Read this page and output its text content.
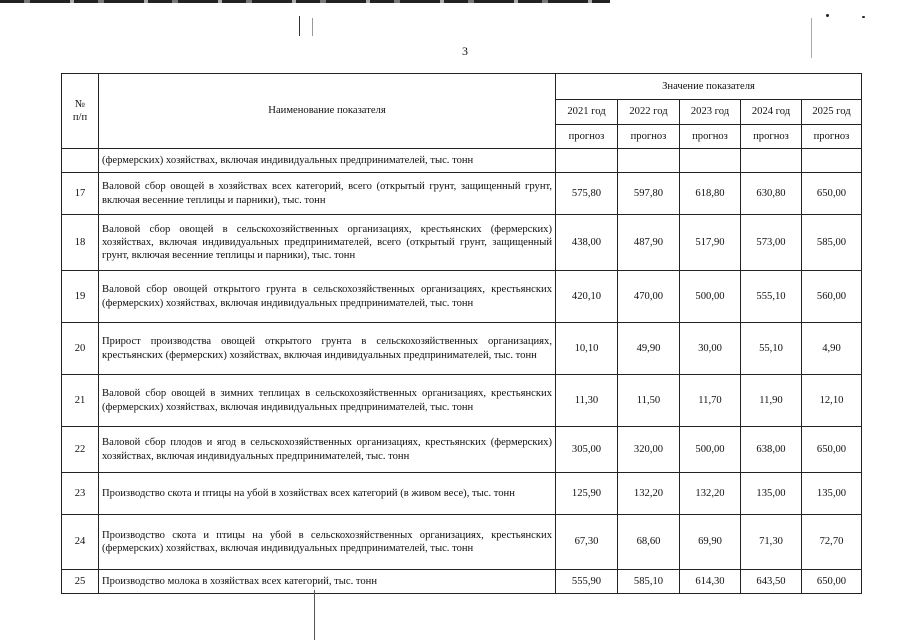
3
№
п/п	Наименование показателя	Значение показателя				
		2021 год	2022 год	2023 год	2024 год	2025 год
		прогноз	прогноз	прогноз	прогноз	прогноз
	(фермерских) хозяйствах, включая индивидуальных предпринимателей, тыс. тонн					
17	Валовой сбор овощей в хозяйствах всех категорий, всего (открытый грунт, защищенный грунт, включая весенние теплицы и парники), тыс. тонн	575,80	597,80	618,80	630,80	650,00
18	Валовой сбор овощей в сельскохозяйственных организациях, крестьянских (фермерских) хозяйствах, включая индивидуальных предпринимателей, всего (открытый грунт, защищенный грунт, включая весенние теплицы и парники), тыс. тонн	438,00	487,90	517,90	573,00	585,00
19	Валовой сбор овощей открытого грунта в сельскохозяйственных организациях, крестьянских (фермерских) хозяйствах, включая индивидуальных предпринимателей, тыс. тонн	420,10	470,00	500,00	555,10	560,00
20	Прирост производства овощей открытого грунта в сельскохозяйственных организациях, крестьянских (фермерских) хозяйствах, включая индивидуальных предпринимателей, тыс. тонн	10,10	49,90	30,00	55,10	4,90
21	Валовой сбор овощей в зимних теплицах в сельскохозяйственных организациях, крестьянских (фермерских) хозяйствах, включая индивидуальных предпринимателей, тыс. тонн	11,30	11,50	11,70	11,90	12,10
22	Валовой сбор плодов и ягод в сельскохозяйственных организациях, крестьянских (фермерских) хозяйствах, включая индивидуальных предпринимателей, тыс. тонн	305,00	320,00	500,00	638,00	650,00
23	Производство скота и птицы на убой в хозяйствах всех категорий (в живом весе), тыс. тонн	125,90	132,20	132,20	135,00	135,00
24	Производство скота и птицы на убой в сельскохозяйственных организациях, крестьянских (фермерских) хозяйствах, включая индивидуальных предпринимателей, тыс. тонн	67,30	68,60	69,90	71,30	72,70
25	Производство молока в хозяйствах всех категорий, тыс. тонн	555,90	585,10	614,30	643,50	650,00
